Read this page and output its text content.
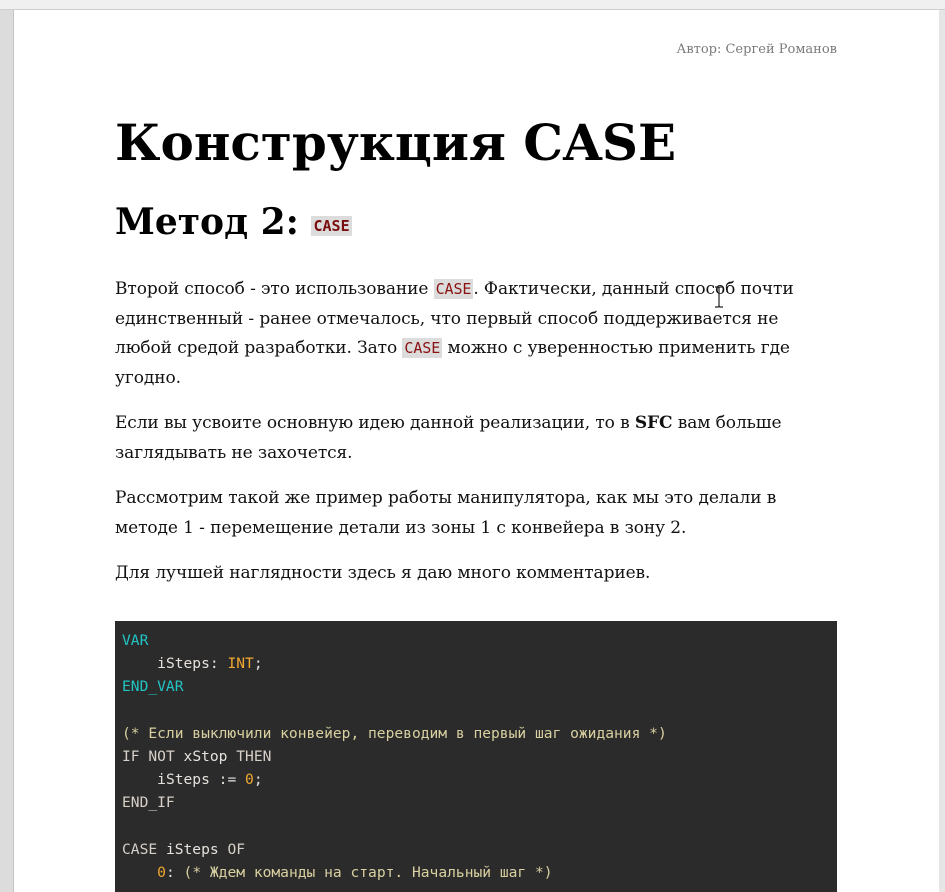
Автор: Сергей Романов
Конструкция CASE
Метод 2: CASE

Второй способ - это использование CASE . Фактически, данный способ почти единственный - ранее отмечалось, что первый способ поддерживается не любой средой разработки. Зато CASE можно с уверенностью применить где угодно.

Если вы усвоите основную идею данной реализации, то в SFC вам больше заглядывать не захочется.

Рассмотрим такой же пример работы манипулятора, как мы это делали в методе 1 - перемещение детали из зоны 1 с конвейера в зону 2.

Для лучшей наглядности здесь я даю много комментариев.

VAR
iSteps: INT;
END_VAR
(* Если выключили конвейер, переводим в первый шаг ожидания *)
IF NOT xStop THEN
iSteps := 0;
END_IF
CASE iSteps OF
0: (* Ждем команды на старт. Начальный шаг *)
